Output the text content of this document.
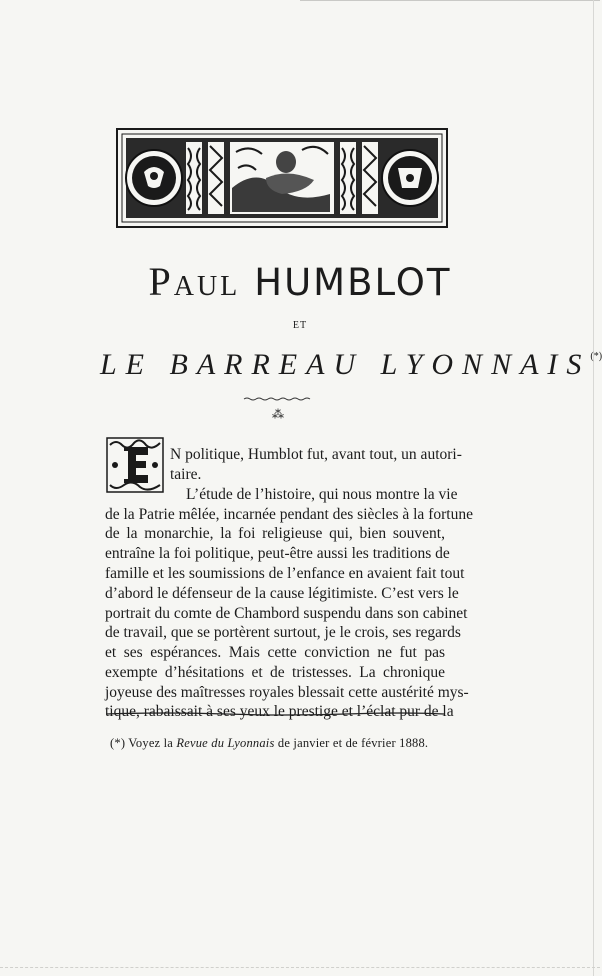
Paul HUMBLOT
ET
LE BARREAU LYONNAIS(*)
⁂
N politique, Humblot fut, avant tout, un autori-
taire.
L’étude de l’histoire, qui nous montre la vie
de la Patrie mêlée, incarnée pendant des siècles à la fortune
de la monarchie, la foi religieuse qui, bien souvent,
entraîne la foi politique, peut-être aussi les traditions de
famille et les soumissions de l’enfance en avaient fait tout
d’abord le défenseur de la cause légitimiste. C’est vers le
portrait du comte de Chambord suspendu dans son cabinet
de travail, que se portèrent surtout, je le crois, ses regards
et ses espérances. Mais cette conviction ne fut pas
exempte d’hésitations et de tristesses. La chronique
joyeuse des maîtresses royales blessait cette austérité mys-
tique, rabaissait à ses yeux le prestige et l’éclat pur de la
(*) Voyez la Revue du Lyonnais de janvier et de février 1888.
